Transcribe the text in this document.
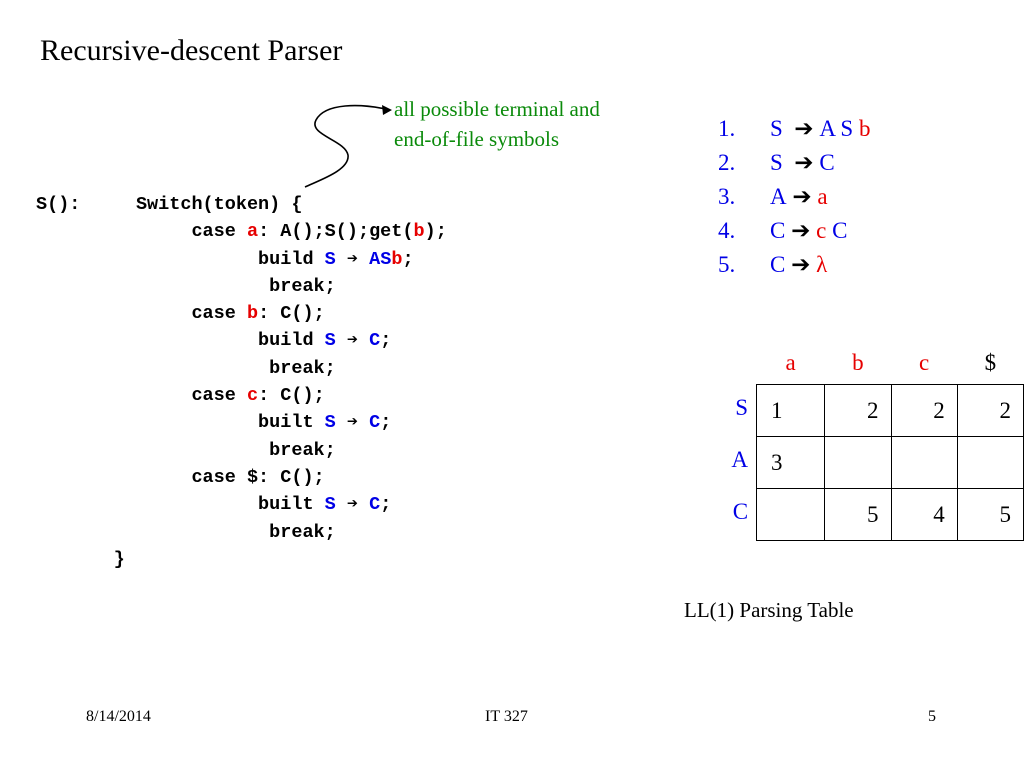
Recursive-descent Parser
all possible terminal and
end-of-file symbols
S():	Switch(token) {
case a: A();S();get(b);
build S ➔ ASb;
break;
case b: C();
build S ➔ C;
break;
case c: C();
built S ➔ C;
break;
case $: C();
built S ➔ C;
break;
}
1. S ➔ A S b
2. S ➔ C
3. A ➔ a
4. C ➔ c C
5. C ➔ λ
	a	b	c	$

S	1	2	2	2

A	3			

C		5	4	5
LL(1) Parsing Table
8/14/2014	IT 327	5
